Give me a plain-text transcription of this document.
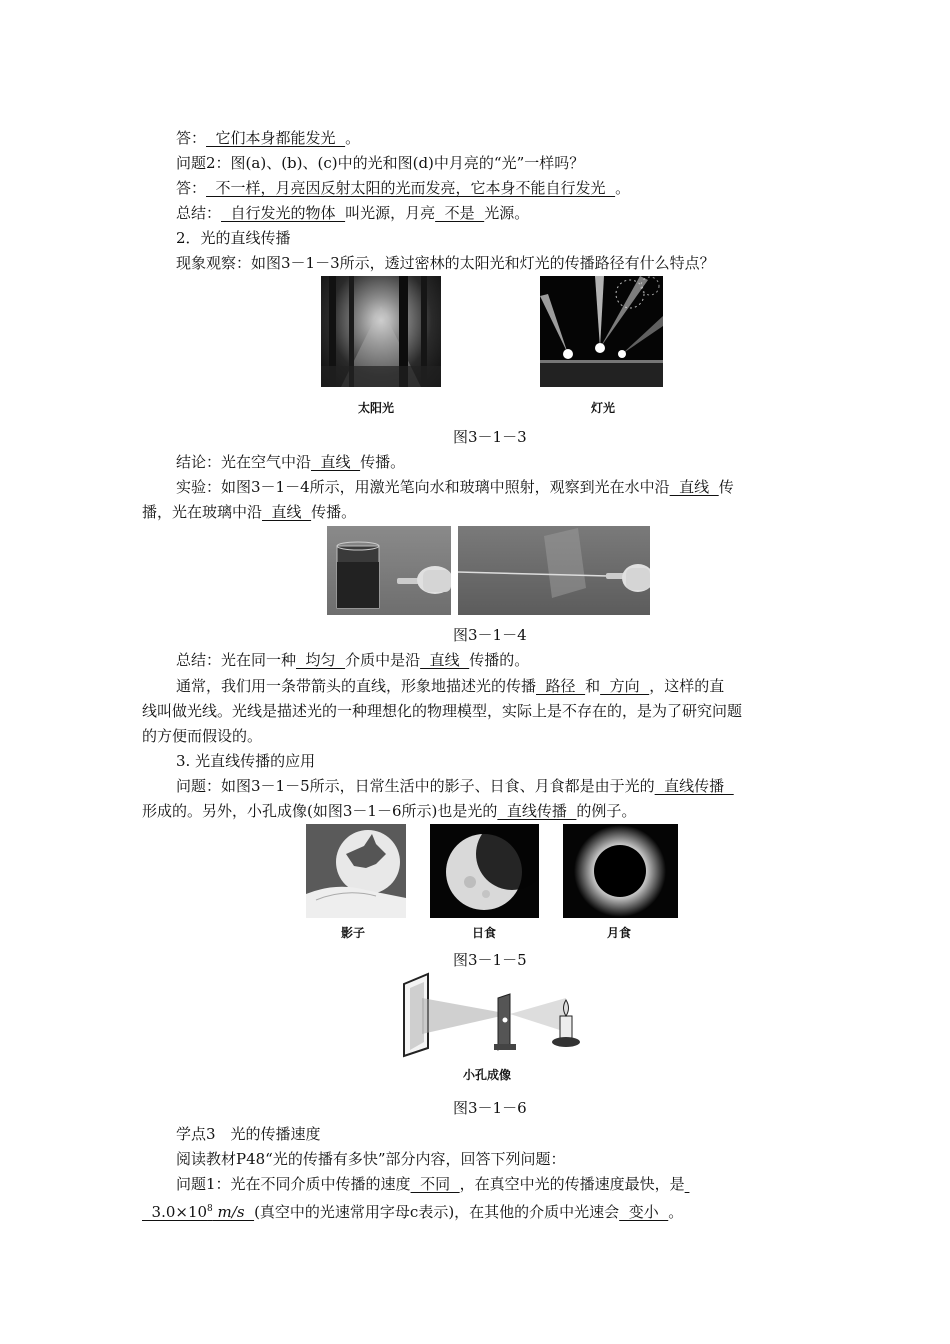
答：  它们本身都能发光  。
问题2：图(a)、(b)、(c)中的光和图(d)中月亮的“光”一样吗？
答：  不一样，月亮因反射太阳的光而发亮，它本身不能自行发光  。
总结：  自行发光的物体  叫光源，月亮  不是  光源。
2．光的直线传播
现象观察：如图3－1－3所示，透过密林的太阳光和灯光的传播路径有什么特点？
太阳光	灯光
图3－1－3
结论：光在空气中沿  直线  传播。
实验：如图3－1－4所示，用激光笔向水和玻璃中照射，观察到光在水中沿  直线  传
播，光在玻璃中沿  直线  传播。
图3－1－4
总结：光在同一种  均匀  介质中是沿  直线  传播的。
通常，我们用一条带箭头的直线，形象地描述光的传播  路径  和  方向  ，这样的直
线叫做光线。光线是描述光的一种理想化的物理模型，实际上是不存在的，是为了研究问题
的方便而假设的。
3. 光直线传播的应用
问题：如图3－1－5所示，日常生活中的影子、日食、月食都是由于光的  直线传播
形成的。另外，小孔成像(如图3－1－6所示)也是光的  直线传播  的例子。
影子	日食	月食
图3－1－5
小孔成像
图3－1－6
学点3　光的传播速度
阅读教材P48“光的传播有多快”部分内容，回答下列问题：
问题1：光在不同介质中传播的速度  不同  ，在真空中光的传播速度最快，是
$3.0\times 10^8$ m/s  (真空中的光速常用字母c表示)，在其他的介质中光速会  变小  。
